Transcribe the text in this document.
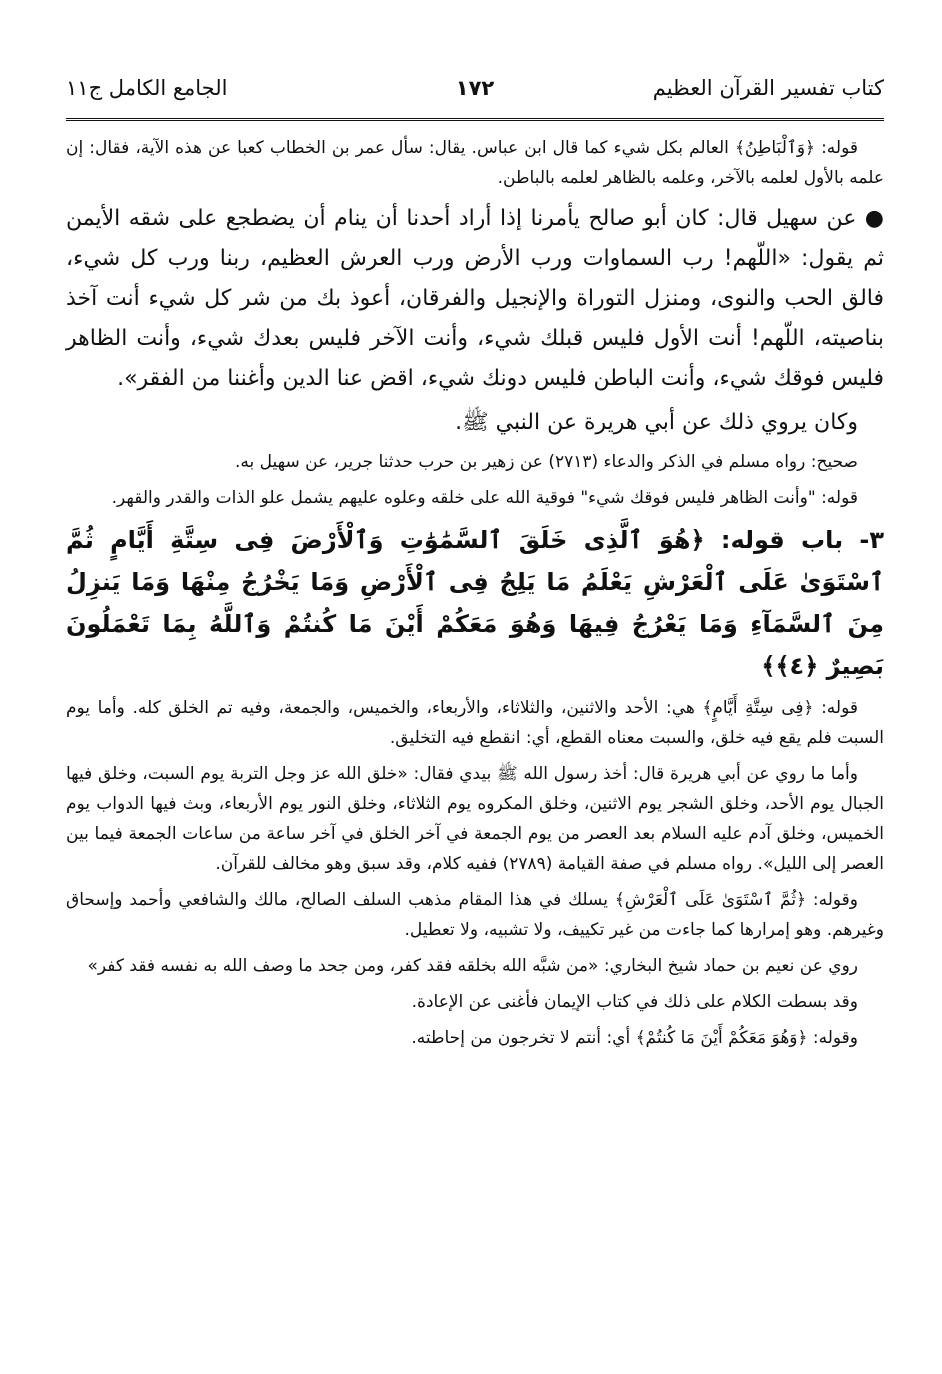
كتاب تفسير القرآن العظيم
١٧٢
الجامع الكامل ج١١

قوله: ﴿وَٱلْبَاطِنُ﴾ العالم بكل شيء كما قال ابن عباس. يقال: سأل عمر بن الخطاب كعبا عن هذه الآية، فقال: إن علمه بالأول لعلمه بالآخر، وعلمه بالظاهر لعلمه بالباطن.

● عن سهيل قال: كان أبو صالح يأمرنا إذا أراد أحدنا أن ينام أن يضطجع على شقه الأيمن ثم يقول: «اللّهم! رب السماوات ورب الأرض ورب العرش العظيم، ربنا ورب كل شيء، فالق الحب والنوى، ومنزل التوراة والإنجيل والفرقان، أعوذ بك من شر كل شيء أنت آخذ بناصيته، اللّهم! أنت الأول فليس قبلك شيء، وأنت الآخر فليس بعدك شيء، وأنت الظاهر فليس فوقك شيء، وأنت الباطن فليس دونك شيء، اقض عنا الدين وأغننا من الفقر».

وكان يروي ذلك عن أبي هريرة عن النبي ﷺ.

صحيح: رواه مسلم في الذكر والدعاء (٢٧١٣) عن زهير بن حرب حدثنا جرير، عن سهيل به.

قوله: "وأنت الظاهر فليس فوقك شيء" فوقية الله على خلقه وعلوه عليهم يشمل علو الذات والقدر والقهر.

٣- باب قوله: ﴿هُوَ ٱلَّذِى خَلَقَ ٱلسَّمَٰوَٰتِ وَٱلْأَرْضَ فِى سِتَّةِ أَيَّامٍ ثُمَّ ٱسْتَوَىٰ عَلَى ٱلْعَرْشِ يَعْلَمُ مَا يَلِجُ فِى ٱلْأَرْضِ وَمَا يَخْرُجُ مِنْهَا وَمَا يَنزِلُ مِنَ ٱلسَّمَآءِ وَمَا يَعْرُجُ فِيهَا وَهُوَ مَعَكُمْ أَيْنَ مَا كُنتُمْ وَٱللَّهُ بِمَا تَعْمَلُونَ بَصِيرٌ ﴿٤﴾﴾

قوله: ﴿فِى سِتَّةِ أَيَّامٍ﴾ هي: الأحد والاثنين، والثلاثاء، والأربعاء، والخميس، والجمعة، وفيه تم الخلق كله. وأما يوم السبت فلم يقع فيه خلق، والسبت معناه القطع، أي: انقطع فيه التخليق.

وأما ما روي عن أبي هريرة قال: أخذ رسول الله ﷺ بيدي فقال: «خلق الله عز وجل التربة يوم السبت، وخلق فيها الجبال يوم الأحد، وخلق الشجر يوم الاثنين، وخلق المكروه يوم الثلاثاء، وخلق النور يوم الأربعاء، وبث فيها الدواب يوم الخميس، وخلق آدم عليه السلام بعد العصر من يوم الجمعة في آخر الخلق في آخر ساعة من ساعات الجمعة فيما بين العصر إلى الليل». رواه مسلم في صفة القيامة (٢٧٨٩) ففيه كلام، وقد سبق وهو مخالف للقرآن.

وقوله: ﴿ثُمَّ ٱسْتَوَىٰ عَلَى ٱلْعَرْشِ﴾ يسلك في هذا المقام مذهب السلف الصالح، مالك والشافعي وأحمد وإسحاق وغيرهم. وهو إمرارها كما جاءت من غير تكييف، ولا تشبيه، ولا تعطيل.

روي عن نعيم بن حماد شيخ البخاري: «من شبَّه الله بخلقه فقد كفر، ومن جحد ما وصف الله به نفسه فقد كفر»

وقد بسطت الكلام على ذلك في كتاب الإيمان فأغنى عن الإعادة.

وقوله: ﴿وَهُوَ مَعَكُمْ أَيْنَ مَا كُنتُمْ﴾ أي: أنتم لا تخرجون من إحاطته.
